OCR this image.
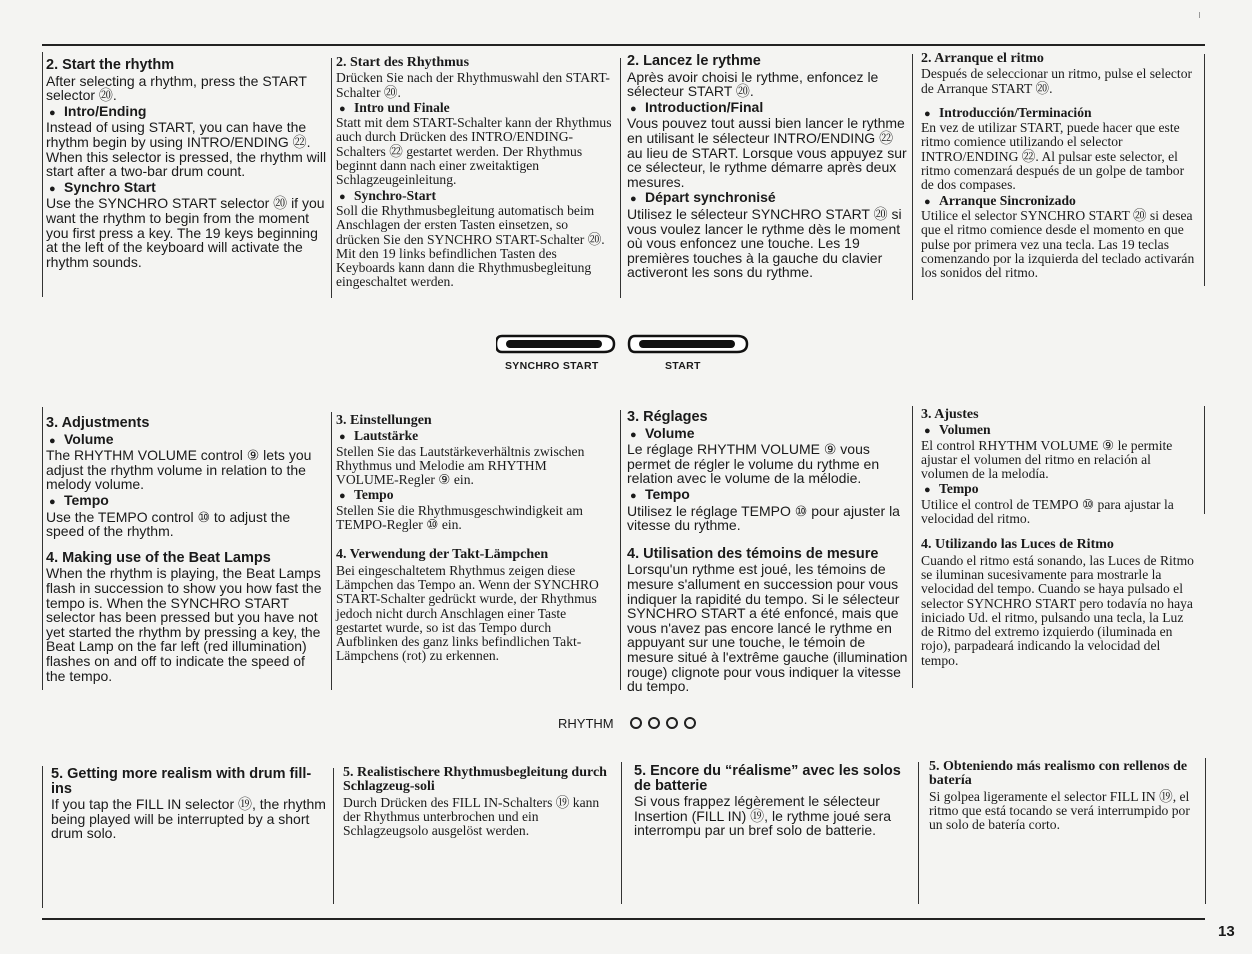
2. Start the rhythm

After selecting a rhythm, press the START selector ⑳.

● Intro/Ending

Instead of using START, you can have the rhythm begin by using INTRO/ENDING ㉒. When this selector is pressed, the rhythm will start after a two-bar drum count.

● Synchro Start

Use the SYNCHRO START selector ⑳ if you want the rhythm to begin from the moment you first press a key. The 19 keys beginning at the left of the keyboard will activate the rhythm sounds.

2. Start des Rhythmus

Drücken Sie nach der Rhythmuswahl den START-Schalter ⑳.

● Intro und Finale

Statt mit dem START-Schalter kann der Rhythmus auch durch Drücken des INTRO/ENDING-Schalters ㉒ gestartet werden. Der Rhythmus beginnt dann nach einer zweitaktigen Schlagzeugeinleitung.

● Synchro-Start

Soll die Rhythmusbegleitung automatisch beim Anschlagen der ersten Tasten einsetzen, so drücken Sie den SYNCHRO START-Schalter ⑳. Mit den 19 links befindlichen Tasten des Keyboards kann dann die Rhythmusbegleitung eingeschaltet werden.

2. Lancez le rythme

Après avoir choisi le rythme, enfoncez le sélecteur START ⑳.

● Introduction/Final

Vous pouvez tout aussi bien lancer le rythme en utilisant le sélecteur INTRO/ENDING ㉒ au lieu de START. Lorsque vous appuyez sur ce sélecteur, le rythme démarre après deux mesures.

● Départ synchronisé

Utilisez le sélecteur SYNCHRO START ⑳ si vous voulez lancer le rythme dès le moment où vous enfoncez une touche. Les 19 premières touches à la gauche du clavier activeront les sons du rythme.

2. Arranque el ritmo

Después de seleccionar un ritmo, pulse el selector de Arranque START ⑳.

● Introducción/Terminación

En vez de utilizar START, puede hacer que este ritmo comience utilizando el selector INTRO/ENDING ㉒. Al pulsar este selector, el ritmo comenzará después de un golpe de tambor de dos compases.

● Arranque Sincronizado

Utilice el selector SYNCHRO START ⑳ si desea que el ritmo comience desde el momento en que pulse por primera vez una tecla. Las 19 teclas comenzando por la izquierda del teclado activarán los sonidos del ritmo.

SYNCHRO START	START
3. Adjustments
● Volume

The RHYTHM VOLUME control ⑨ lets you adjust the rhythm volume in relation to the melody volume.

● Tempo

Use the TEMPO control ⑩ to adjust the speed of the rhythm.

4. Making use of the Beat Lamps

When the rhythm is playing, the Beat Lamps flash in succession to show you how fast the tempo is. When the SYNCHRO START selector has been pressed but you have not yet started the rhythm by pressing a key, the Beat Lamp on the far left (red illumination) flashes on and off to indicate the speed of the tempo.

3. Einstellungen
● Lautstärke

Stellen Sie das Lautstärkeverhältnis zwischen Rhythmus und Melodie am RHYTHM VOLUME-Regler ⑨ ein.

● Tempo

Stellen Sie die Rhythmusgeschwindigkeit am TEMPO-Regler ⑩ ein.

4. Verwendung der Takt-Lämpchen

Bei eingeschaltetem Rhythmus zeigen diese Lämpchen das Tempo an. Wenn der SYNCHRO START-Schalter gedrückt wurde, der Rhythmus jedoch nicht durch Anschlagen einer Taste gestartet wurde, so ist das Tempo durch Aufblinken des ganz links befindlichen Takt-Lämpchens (rot) zu erkennen.

3. Réglages
● Volume

Le réglage RHYTHM VOLUME ⑨ vous permet de régler le volume du rythme en relation avec le volume de la mélodie.

● Tempo

Utilisez le réglage TEMPO ⑩ pour ajuster la vitesse du rythme.

4. Utilisation des témoins de mesure

Lorsqu'un rythme est joué, les témoins de mesure s'allument en succession pour vous indiquer la rapidité du tempo. Si le sélecteur SYNCHRO START a été enfoncé, mais que vous n'avez pas encore lancé le rythme en appuyant sur une touche, le témoin de mesure situé à l'extrême gauche (illumination rouge) clignote pour vous indiquer la vitesse du tempo.

3. Ajustes
● Volumen

El control RHYTHM VOLUME ⑨ le permite ajustar el volumen del ritmo en relación al volumen de la melodía.

● Tempo

Utilice el control de TEMPO ⑩ para ajustar la velocidad del ritmo.

4. Utilizando las Luces de Ritmo

Cuando el ritmo está sonando, las Luces de Ritmo se iluminan sucesivamente para mostrarle la velocidad del tempo. Cuando se haya pulsado el selector SYNCHRO START pero todavía no haya iniciado Ud. el ritmo, pulsando una tecla, la Luz de Ritmo del extremo izquierdo (iluminada en rojo), parpadeará indicando la velocidad del tempo.

RHYTHM
5. Getting more realism with drum fill-ins

If you tap the FILL IN selector ⑲, the rhythm being played will be interrupted by a short drum solo.

5. Realistischere Rhythmusbegleitung durch Schlagzeug-soli

Durch Drücken des FILL IN-Schalters ⑲ kann der Rhythmus unterbrochen und ein Schlagzeugsolo ausgelöst werden.

5. Encore du “réalisme” avec les solos de batterie

Si vous frappez légèrement le sélecteur Insertion (FILL IN) ⑲, le rythme joué sera interrompu par un bref solo de batterie.

5. Obteniendo más realismo con rellenos de batería

Si golpea ligeramente el selector FILL IN ⑲, el ritmo que está tocando se verá interrumpido por un solo de batería corto.

13
